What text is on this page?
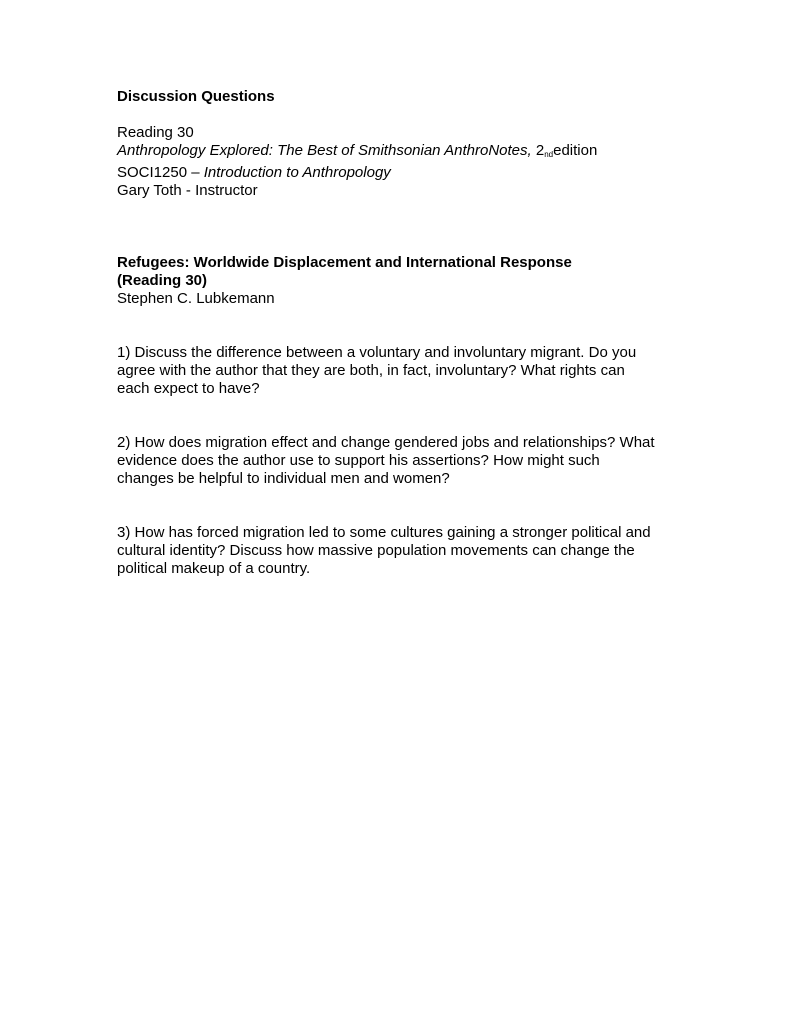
Discussion Questions
Reading 30
Anthropology Explored: The Best of Smithsonian AnthroNotes, $2_{nd}edition$
SOCI1250 – Introduction to Anthropology
Gary Toth - Instructor
Refugees: Worldwide Displacement and International Response
(Reading 30)
Stephen C. Lubkemann
1) Discuss the difference between a voluntary and involuntary migrant. Do you
agree with the author that they are both, in fact, involuntary? What rights can
each expect to have?
2) How does migration effect and change gendered jobs and relationships? What
evidence does the author use to support his assertions? How might such
changes be helpful to individual men and women?
3) How has forced migration led to some cultures gaining a stronger political and
cultural identity? Discuss how massive population movements can change the
political makeup of a country.
